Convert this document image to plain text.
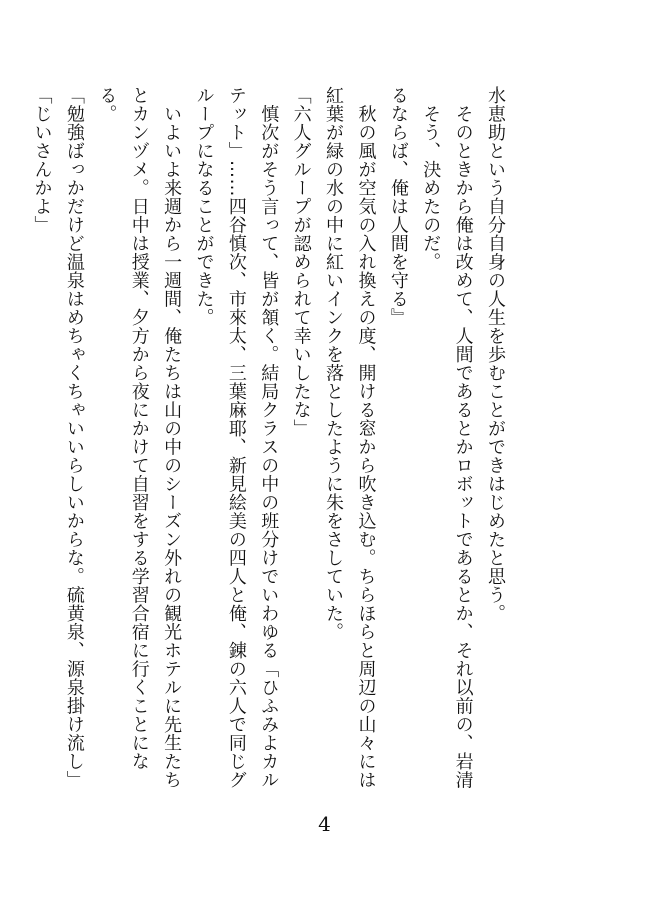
水恵助という自分自身の人生を歩むことができはじめたと思う。
　そのときから俺は改めて、人間であるとかロボットであるとか、それ以前の、岩清
　そう、決めたのだ。
るならば、俺は人間を守る』
　秋の風が空気の入れ換えの度、開ける窓から吹き込む。ちらほらと周辺の山々には
紅葉が緑の水の中に紅いインクを落としたように朱をさしていた。
「六人グループが認められて幸いしたな」
　慎次がそう言って、皆が頷く。結局クラスの中の班分けでいわゆる「ひふみよカル
テット」……四谷慎次、市來太、三葉麻耶、新見絵美の四人と俺、錬の六人で同じグ
ループになることができた。
　いよいよ来週から一週間、俺たちは山の中のシーズン外れの観光ホテルに先生たち
とカンヅメ。日中は授業、夕方から夜にかけて自習をする学習合宿に行くことにな
る。
「勉強ばっかだけど温泉はめちゃくちゃいいらしいからな。硫黄泉、源泉掛け流し」
「じいさんかよ」
4
